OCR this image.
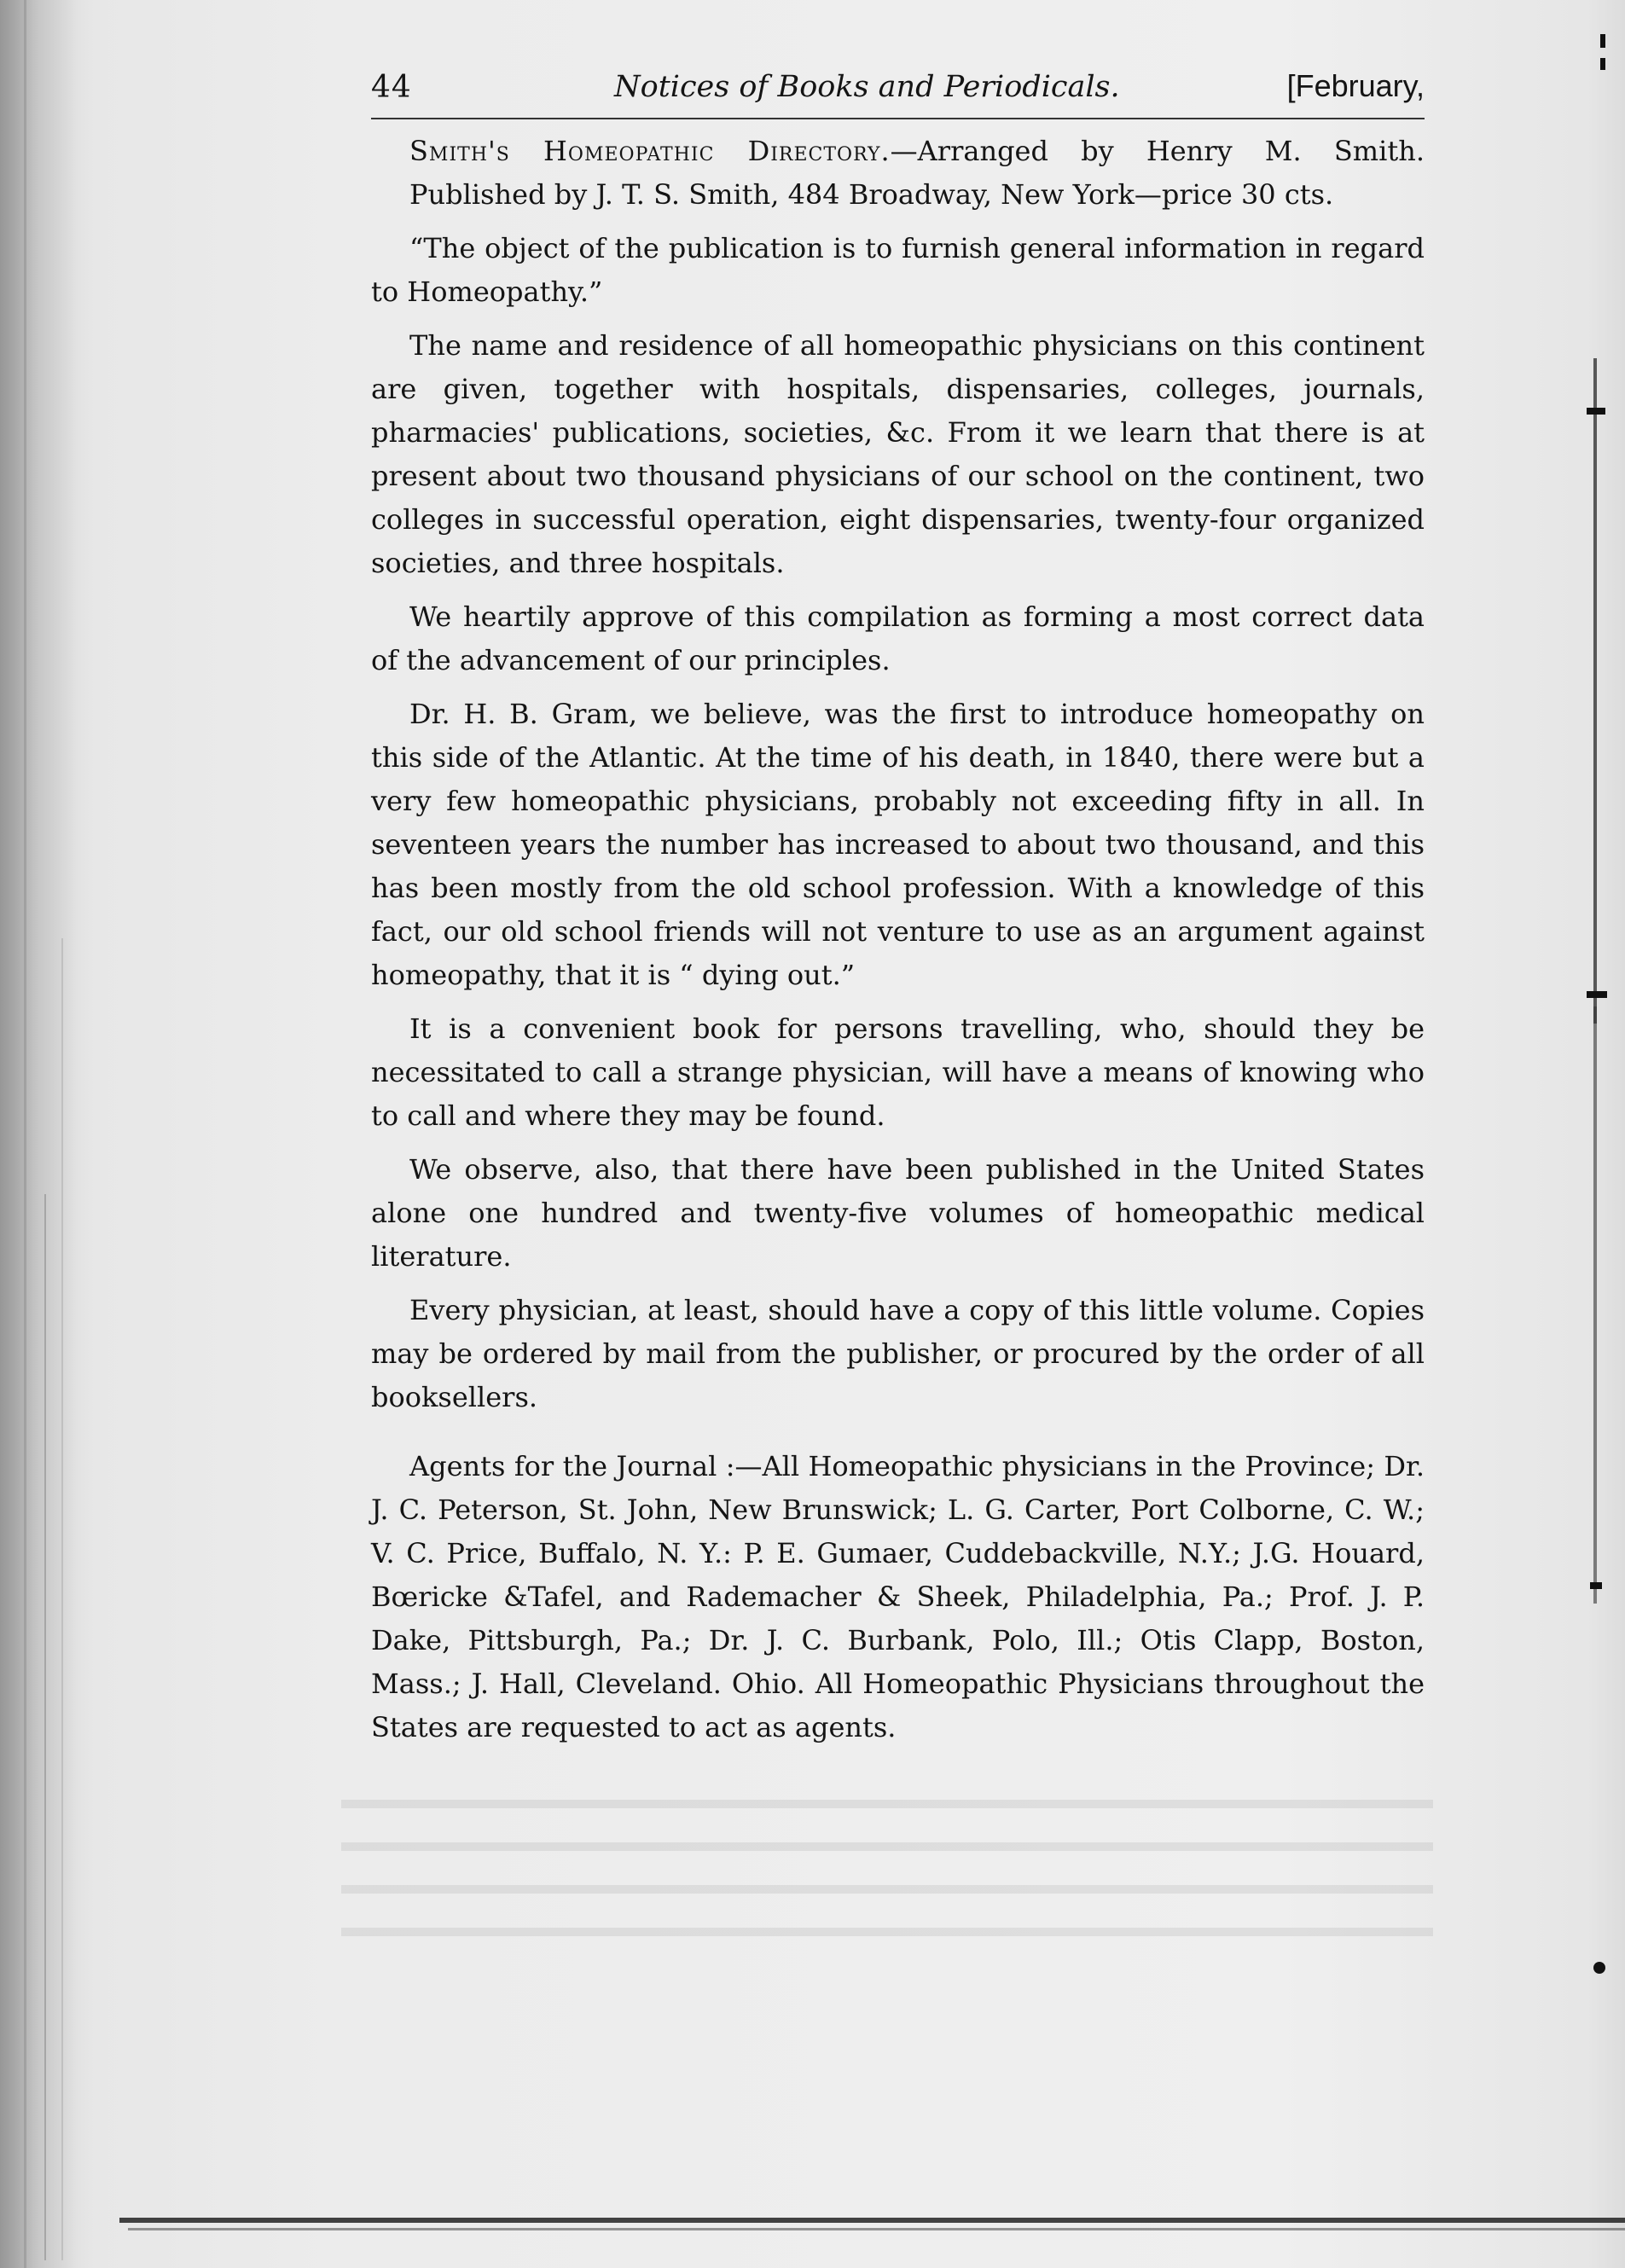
44	Notices of Books and Periodicals.	[February,

Smith's Homeopathic Directory.—Arranged by Henry M. Smith. Published by J. T. S. Smith, 484 Broadway, New York—price 30 cts.

“The object of the publication is to furnish general information in regard to Homeopathy.”

The name and residence of all homeopathic physicians on this continent are given, together with hospitals, dispensaries, colleges, journals, pharmacies' publications, societies, &c. From it we learn that there is at present about two thousand physicians of our school on the continent, two colleges in successful operation, eight dispensaries, twenty-four organized societies, and three hospitals.

We heartily approve of this compilation as forming a most correct data of the advancement of our principles.

Dr. H. B. Gram, we believe, was the first to introduce homeopathy on this side of the Atlantic. At the time of his death, in 1840, there were but a very few homeopathic physicians, probably not exceeding fifty in all. In seventeen years the number has increased to about two thousand, and this has been mostly from the old school profession. With a knowledge of this fact, our old school friends will not venture to use as an argument against homeopathy, that it is “ dying out.”

It is a convenient book for persons travelling, who, should they be necessitated to call a strange physician, will have a means of knowing who to call and where they may be found.

We observe, also, that there have been published in the United States alone one hundred and twenty-five volumes of homeopathic medical literature.

Every physician, at least, should have a copy of this little volume. Copies may be ordered by mail from the publisher, or procured by the order of all booksellers.

Agents for the Journal :—All Homeopathic physicians in the Province; Dr. J. C. Peterson, St. John, New Brunswick; L. G. Carter, Port Colborne, C. W.; V. C. Price, Buffalo, N. Y.: P. E. Gumaer, Cuddebackville, N.Y.; J.G. Houard, Bœricke &Tafel, and Rademacher & Sheek, Philadelphia, Pa.; Prof. J. P. Dake, Pittsburgh, Pa.; Dr. J. C. Burbank, Polo, Ill.; Otis Clapp, Boston, Mass.; J. Hall, Cleveland. Ohio. All Homeopathic Physicians throughout the States are requested to act as agents.
